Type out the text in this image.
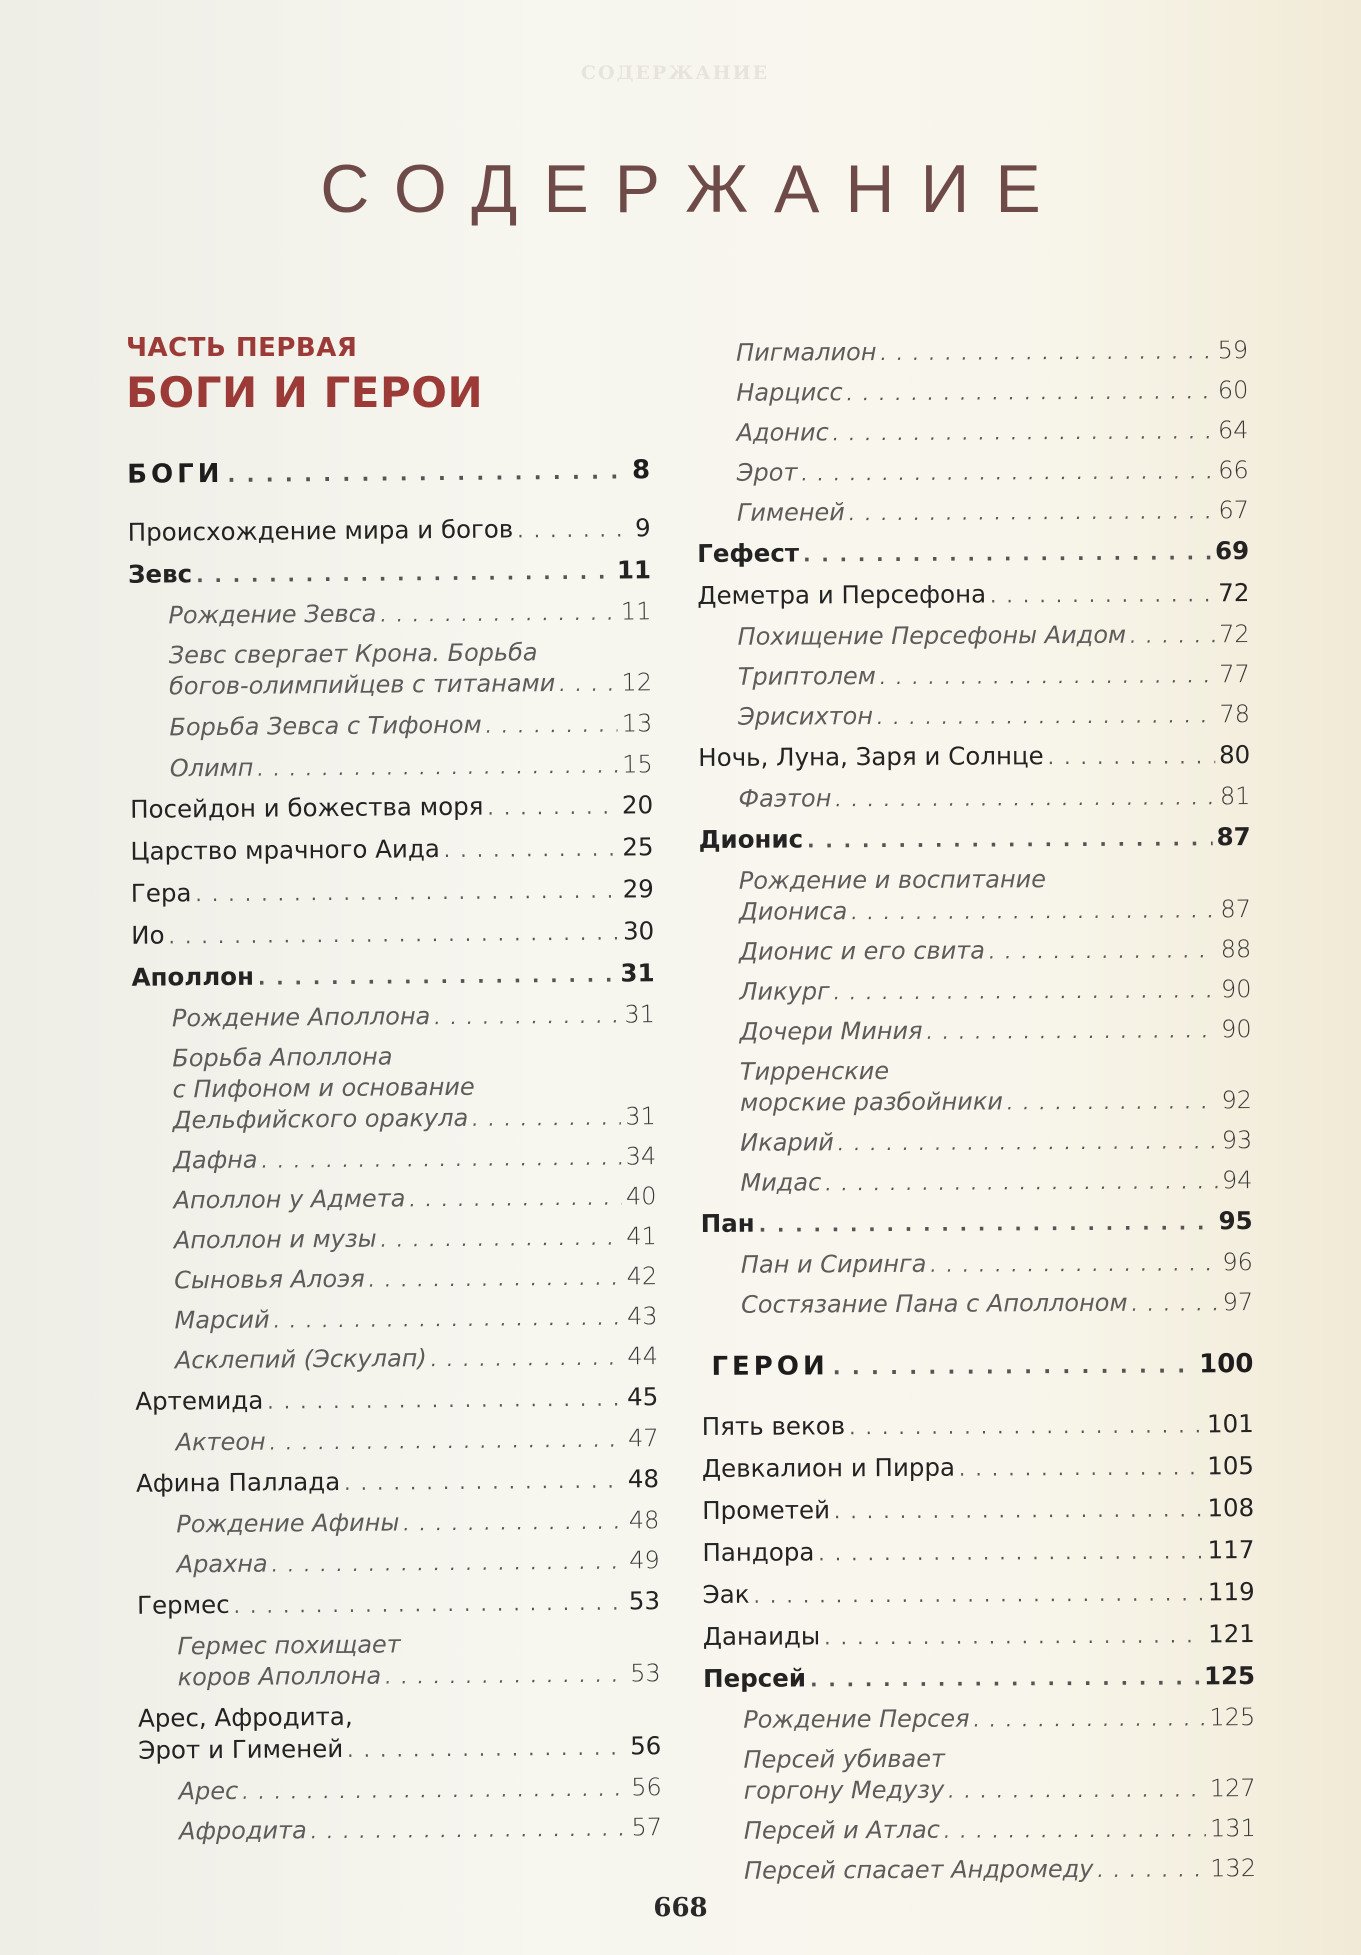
СОДЕРЖАНИЕ
СОДЕРЖАНИЕ
ЧАСТЬ ПЕРВАЯ
БОГИ И ГЕРОИ
БОГИ . . .	8
Происхождение мира и богов . . .	9
Зевс . . .	11
Рождение Зевса . . .	11
Зевс свергает Крона. Борьба
богов-олимпийцев с титанами . . .	12
Борьба Зевса с Тифоном . . .	13
Олимп . . .	15
Посейдон и божества моря . . .	20
Царство мрачного Аида . . .	25
Гера . . .	29
Ио . . .	30
Аполлон . . .	31
Рождение Аполлона . . .	31
Борьба Аполлона
с Пифоном и основание
Дельфийского оракула . . .	31
Дафна . . .	34
Аполлон у Адмета . . .	40
Аполлон и музы . . .	41
Сыновья Алоэя . . .	42
Марсий . . .	43
Асклепий (Эскулап) . . .	44
Артемида . . .	45
Актеон . . .	47
Афина Паллада . . .	48
Рождение Афины . . .	48
Арахна . . .	49
Гермес . . .	53
Гермес похищает
коров Аполлона . . .	53
Арес, Афродита,
Эрот и Гименей . . .	56
Арес . . .	56
Афродита . . .	57
Пигмалион . . .	59
Нарцисс . . .	60
Адонис . . .	64
Эрот . . .	66
Гименей . . .	67
Гефест . . .	69
Деметра и Персефона . . .	72
Похищение Персефоны Аидом . . .	72
Триптолем . . .	77
Эрисихтон . . .	78
Ночь, Луна, Заря и Солнце . . .	80
Фаэтон . . .	81
Дионис . . .	87
Рождение и воспитание
Диониса . . .	87
Дионис и его свита . . .	88
Ликург . . .	90
Дочери Миния . . .	90
Тирренские
морские разбойники . . .	92
Икарий . . .	93
Мидас . . .	94
Пан . . .	95
Пан и Сиринга . . .	96
Состязание Пана с Аполлоном . . .	97
ГЕРОИ . . .	100
Пять веков . . .	101
Девкалион и Пирра . . .	105
Прометей . . .	108
Пандора . . .	117
Эак . . .	119
Данаиды . . .	121
Персей . . .	125
Рождение Персея . . .	125
Персей убивает
горгону Медузу . . .	127
Персей и Атлас . . .	131
Персей спасает Андромеду . . .	132
668
